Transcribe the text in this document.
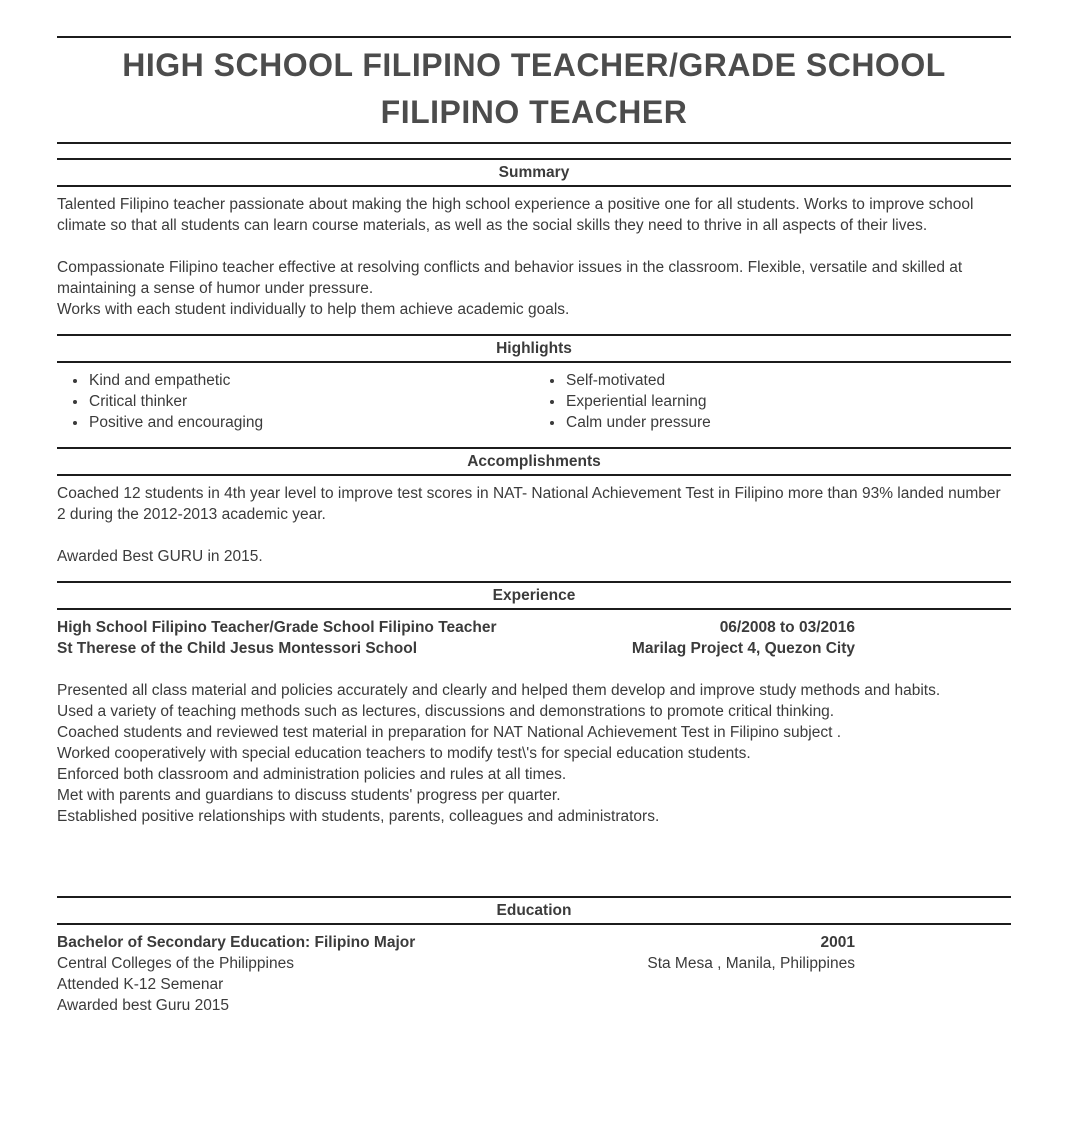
HIGH SCHOOL FILIPINO TEACHER/GRADE SCHOOL FILIPINO TEACHER
Summary

Talented Filipino teacher passionate about making the high school experience a positive one for all students. Works to improve school climate so that all students can learn course materials, as well as the social skills they need to thrive in all aspects of their lives.

Compassionate Filipino teacher effective at resolving conflicts and behavior issues in the classroom. Flexible, versatile and skilled at maintaining a sense of humor under pressure.

Works with each student individually to help them achieve academic goals.

Highlights
• Kind and empathetic
• Critical thinker
• Positive and encouraging
• Self-motivated
• Experiential learning
• Calm under pressure
Accomplishments

Coached 12 students in 4th year level to improve test scores in NAT- National Achievement Test in Filipino more than 93% landed number 2 during the 2012-2013 academic year.

Awarded Best GURU in 2015.

Experience
High School Filipino Teacher/Grade School Filipino Teacher	06/2008 to 03/2016
St Therese of the Child Jesus Montessori School	Marilag Project 4, Quezon City

Presented all class material and policies accurately and clearly and helped them develop and improve study methods and habits.

Used a variety of teaching methods such as lectures, discussions and demonstrations to promote critical thinking.

Coached students and reviewed test material in preparation for NAT National Achievement Test in Filipino subject .

Worked cooperatively with special education teachers to modify test\'s for special education students.

Enforced both classroom and administration policies and rules at all times.

Met with parents and guardians to discuss students' progress per quarter.

Established positive relationships with students, parents, colleagues and administrators.

Education
Bachelor of Secondary Education: Filipino Major	2001
Central Colleges of the Philippines	Sta Mesa , Manila, Philippines

Attended K-12 Semenar

Awarded best Guru 2015
